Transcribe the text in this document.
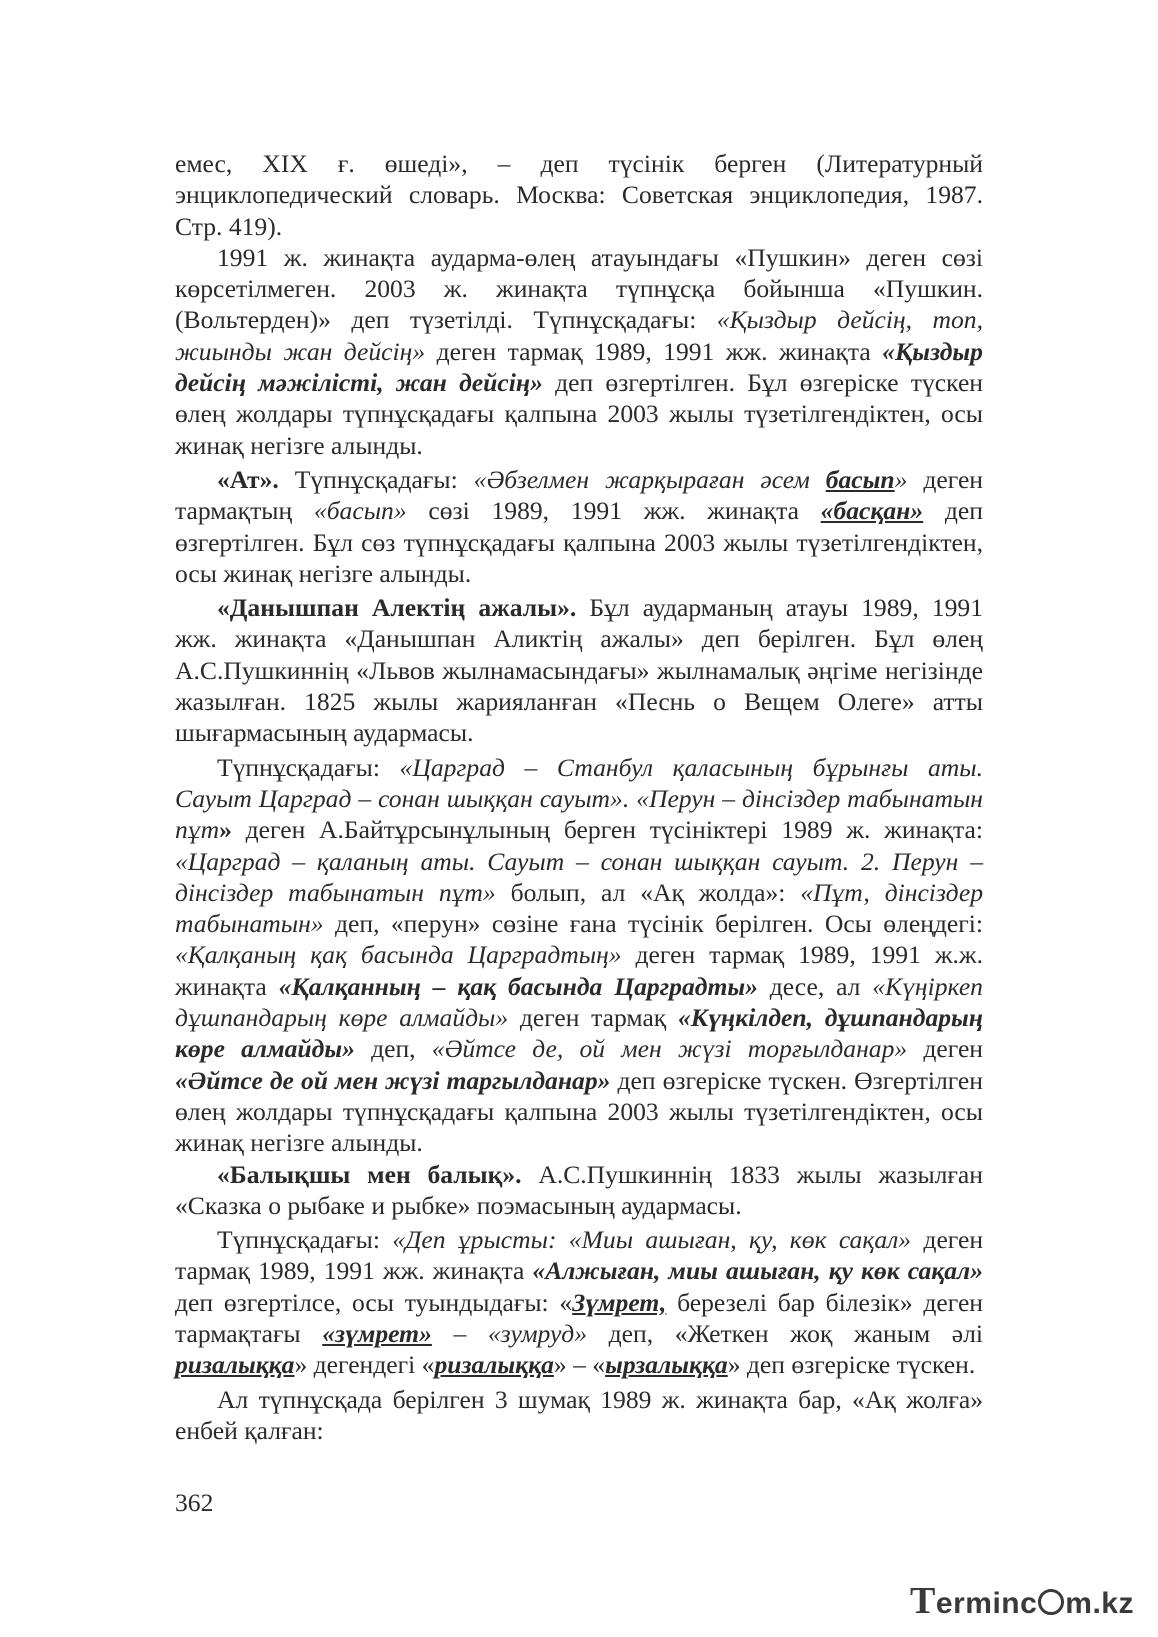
емес, XIX ғ. өшеді», – деп түсінік берген (Литературный энциклопедический словарь. Москва: Советская энциклопедия, 1987. Стр. 419).

1991 ж. жинақта аударма-өлең атауындағы «Пушкин» деген сөзі көрсетілмеген. 2003 ж. жинақта түпнұсқа бойынша «Пушкин. (Вольтерден)» деп түзетілді. Түпнұсқадағы: «Қыздыр дейсің, топ, жиынды жан дейсің» деген тармақ 1989, 1991 жж. жинақта «Қыздыр дейсің мәжілісті, жан дейсің» деп өзгертілген. Бұл өзгеріске түскен өлең жолдары түпнұсқадағы қалпына 2003 жылы түзетілгендіктен, осы жинақ негізге алынды.

«Ат». Түпнұсқадағы: «Әбзелмен жарқыраған әсем басып» деген тармақтың «басып» сөзі 1989, 1991 жж. жинақта «басқан» деп өзгертілген. Бұл сөз түпнұсқадағы қалпына 2003 жылы түзетілгендіктен, осы жинақ негізге алынды.

«Данышпан Алектің ажалы». Бұл аударманың атауы 1989, 1991 жж. жинақта «Данышпан Аликтің ажалы» деп берілген. Бұл өлең А.С.Пушкиннің «Львов жылнамасындағы» жылнамалық әңгіме негізінде жазылған. 1825 жылы жарияланған «Песнь о Вещем Олеге» атты шығармасының аудармасы.

Түпнұсқадағы: «Царград – Станбул қаласының бұрынғы аты. Сауыт Царград – сонан шыққан сауыт». «Перун – дінсіздер табынатын пұт» деген А.Байтұрсынұлының берген түсініктері 1989 ж. жинақта: «Царград – қаланың аты. Сауыт – сонан шыққан сауыт. 2. Перун – дінсіздер табынатын пұт» болып, ал «Ақ жолда»: «Пұт, дінсіздер табынатын» деп, «перун» сөзіне ғана түсінік берілген. Осы өлеңдегі: «Қалқаның қақ басында Царградтың» деген тармақ 1989, 1991 ж.ж. жинақта «Қалқанның – қақ басында Царградты» десе, ал «Күңіркеп дұшпандарың көре алмайды» деген тармақ «Күңкілдеп, дұшпандарың көре алмайды» деп, «Әйтсе де, ой мен жүзі торғылданар» деген «Әйтсе де ой мен жүзі таргылданар» деп өзгеріске түскен. Өзгертілген өлең жолдары түпнұсқадағы қалпына 2003 жылы түзетілгендіктен, осы жинақ негізге алынды.

«Балықшы мен балық». А.С.Пушкиннің 1833 жылы жазылған «Сказка о рыбаке и рыбке» поэмасының аудармасы.

Түпнұсқадағы: «Деп ұрысты: «Миы ашыған, қу, көк сақал» деген тармақ 1989, 1991 жж. жинақта «Алжыған, миы ашыған, қу көк сақал» деп өзгертілсе, осы туындыдағы: «Зүмрет, березелі бар білезік» деген тармақтағы «зүмрет» – «зумруд» деп, «Жеткен жоқ жаным әлі ризалыққа» дегендегі «ризалыққа» – «ырзалыққа» деп өзгеріске түскен.

Ал түпнұсқада берілген 3 шумақ 1989 ж. жинақта бар, «Ақ жолға» енбей қалған:

362
Terminc m.kz
